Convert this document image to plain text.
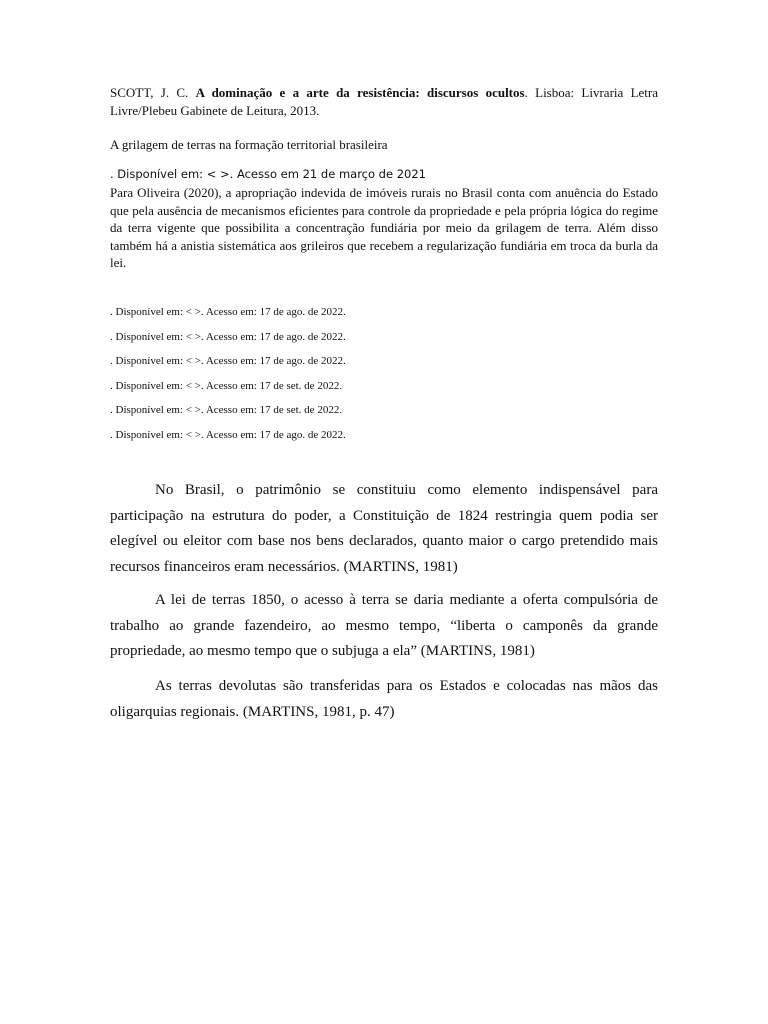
SCOTT, J. C. A dominação e a arte da resistência: discursos ocultos. Lisboa: Livraria Letra Livre/Plebeu Gabinete de Leitura, 2013.

A grilagem de terras na formação territorial brasileira

. Disponível em: < >. Acesso em 21 de março de 2021

Para Oliveira (2020), a apropriação indevida de imóveis rurais no Brasil conta com anuência do Estado que pela ausência de mecanismos eficientes para controle da propriedade e pela própria lógica do regime da terra vigente que possibilita a concentração fundiária por meio da grilagem de terra. Além disso também há a anistia sistemática aos grileiros que recebem a regularização fundiária em troca da burla da lei.

. Disponível em: < >. Acesso em: 17 de ago. de 2022.
. Disponível em: < >. Acesso em: 17 de ago. de 2022.
. Disponível em: < >. Acesso em: 17 de ago. de 2022.
. Disponível em: < >. Acesso em: 17 de set. de 2022.
. Disponível em: < >. Acesso em: 17 de set. de 2022.
. Disponível em: < >. Acesso em: 17 de ago. de 2022.

No Brasil, o patrimônio se constituiu como elemento indispensável para participação na estrutura do poder, a Constituição de 1824 restringia quem podia ser elegível ou eleitor com base nos bens declarados, quanto maior o cargo pretendido mais recursos financeiros eram necessários. (MARTINS, 1981)

A lei de terras 1850, o acesso à terra se daria mediante a oferta compulsória de trabalho ao grande fazendeiro, ao mesmo tempo, “liberta o camponês da grande propriedade, ao mesmo tempo que o subjuga a ela” (MARTINS, 1981)

As terras devolutas são transferidas para os Estados e colocadas nas mãos das oligarquias regionais. (MARTINS, 1981, p. 47)
